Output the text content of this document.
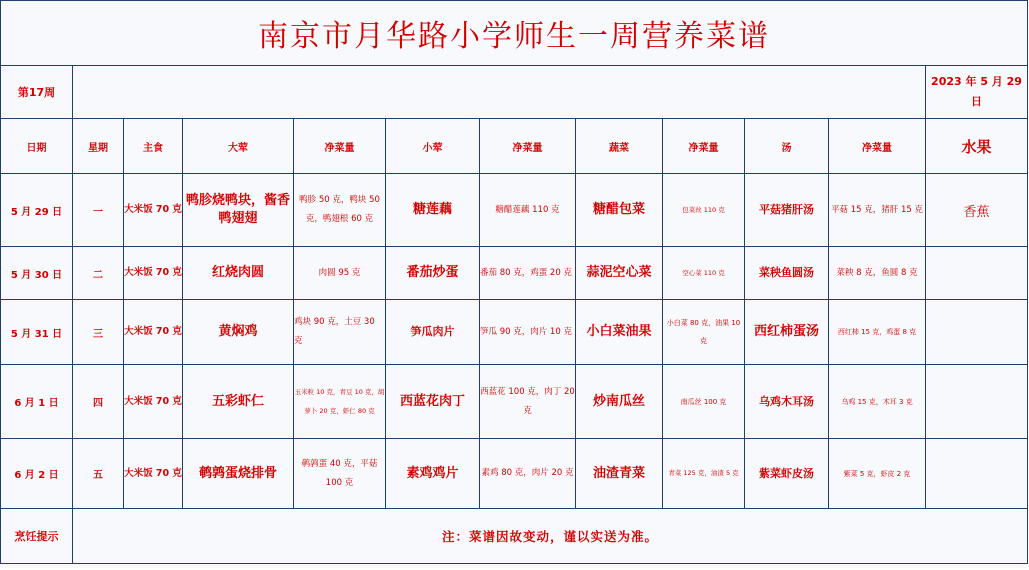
南京市月华路小学师生一周营养菜谱											
第17周											2023 年 5 月 29 日
日期	星期	主食	大荤	净菜量	小荤	净菜量	蔬菜	净菜量	汤	净菜量	水果
5 月 29 日	一	大米饭 70 克	鸭胗烧鸭块，酱香鸭翅翅	鸭胗 50 克，鸭块 50 克，鸭翅根 60 克	糖莲藕	糖醋莲藕 110 克	糖醋包菜	包菜丝 110 克	平菇猪肝汤	平菇 15 克，猪肝 15 克	香蕉
5 月 30 日	二	大米饭 70 克	红烧肉圆	肉圆 95 克	番茄炒蛋	番茄 80 克，鸡蛋 20 克	蒜泥空心菜	空心菜 110 克	菜秧鱼圆汤	菜秧 8 克，鱼圆 8 克	
5 月 31 日	三	大米饭 70 克	黄焖鸡	鸡块 90 克，土豆 30 克	笋瓜肉片	笋瓜 90 克，肉片 10 克	小白菜油果	小白菜 80 克，油果 10 克	西红柿蛋汤	西红柿 15 克，鸡蛋 8 克	
6 月 1 日	四	大米饭 70 克	五彩虾仁	玉米粒 10 克，青豆 10 克，胡萝卜 20 克，虾仁 80 克	西蓝花肉丁	西蓝花 100 克，肉丁 20 克	炒南瓜丝	南瓜丝 100 克	乌鸡木耳汤	乌鸡 15 克，木耳 3 克	
6 月 2 日	五	大米饭 70 克	鹌鹑蛋烧排骨	鹌鹑蛋 40 克，平菇 100 克	素鸡鸡片	素鸡 80 克，肉片 20 克	油渣青菜	青菜 125 克，油渣 5 克	紫菜虾皮汤	紫菜 5 克，虾皮 2 克	
烹饪提示	注：菜谱因故变动，谨以实送为准。										
